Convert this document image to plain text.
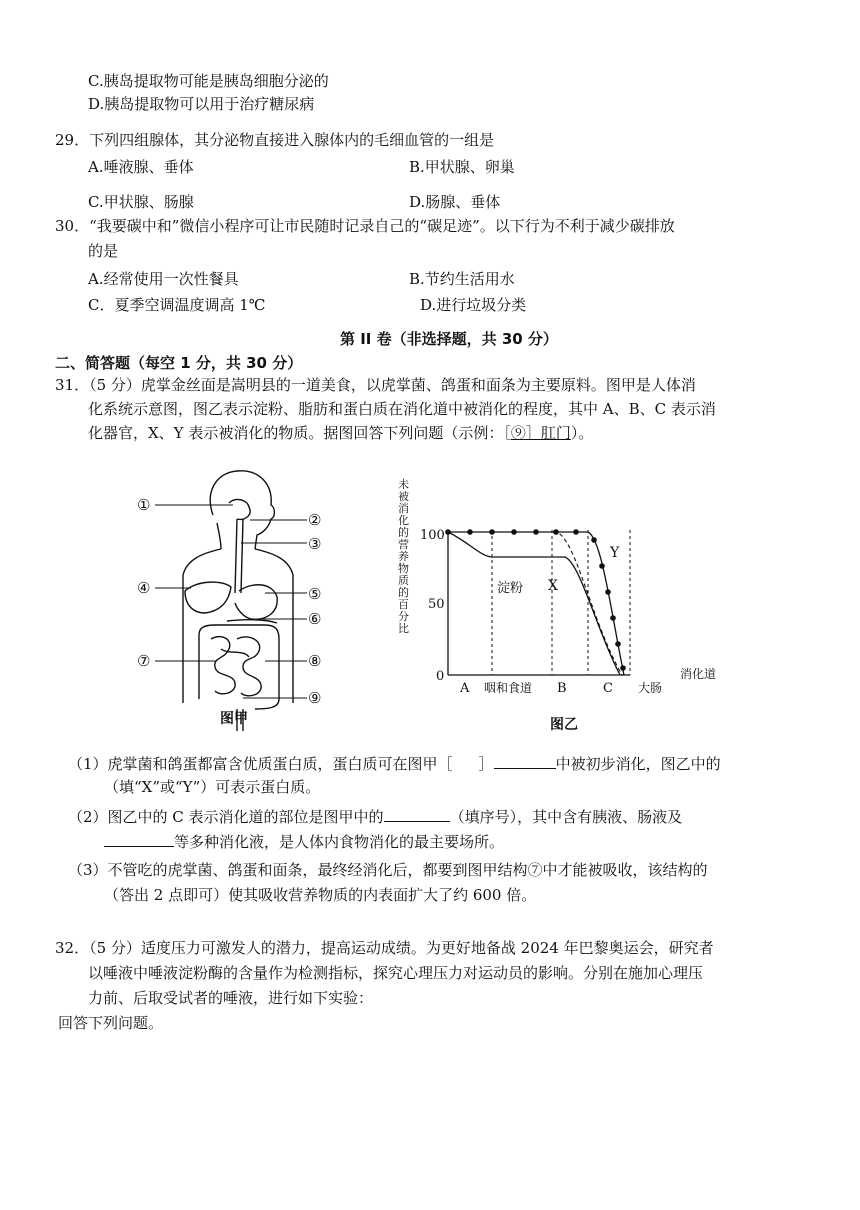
C.胰岛提取物可能是胰岛细胞分泌的
D.胰岛提取物可以用于治疗糖尿病
29．下列四组腺体，其分泌物直接进入腺体内的毛细血管的一组是
A.唾液腺、垂体	B.甲状腺、卵巢
C.甲状腺、肠腺	D.肠腺、垂体
30．“我要碳中和”微信小程序可让市民随时记录自己的“碳足迹”。以下行为不利于减少碳排放
的是
A.经常使用一次性餐具	B.节约生活用水
C．夏季空调温度调高 1℃	D.进行垃圾分类
第 II 卷（非选择题，共 30 分）
二、简答题（每空 1 分，共 30 分）
31．（5 分）虎掌金丝面是嵩明县的一道美食，以虎掌菌、鸽蛋和面条为主要原料。图甲是人体消
化系统示意图，图乙表示淀粉、脂肪和蛋白质在消化道中被消化的程度，其中 A、B、C 表示消
化器官，X、Y 表示被消化的物质。据图回答下列问题（示例：［⑨］肛门）。
①
②
③
④	⑤
⑥
⑦	⑧
⑨
图甲
未
被
消
化
的
营
养
物
质
的
百
分
比
100
50
0
淀粉 X
Y
A 咽和食道 B	C 大肠
消化道
图乙
（1）虎掌菌和鸽蛋都富含优质蛋白质，蛋白质可在图甲［ ］	中被初步消化，图乙中的
（填“X”或“Y”）可表示蛋白质。
（2）图乙中的 C 表示消化道的部位是图甲中的	（填序号），其中含有胰液、肠液及
等多种消化液，是人体内食物消化的最主要场所。
（3）不管吃的虎掌菌、鸽蛋和面条，最终经消化后，都要到图甲结构⑦中才能被吸收，该结构的
（答出 2 点即可）使其吸收营养物质的内表面扩大了约 600 倍。
32．（5 分）适度压力可激发人的潜力，提高运动成绩。为更好地备战 2024 年巴黎奥运会，研究者
以唾液中唾液淀粉酶的含量作为检测指标，探究心理压力对运动员的影响。分别在施加心理压
力前、后取受试者的唾液，进行如下实验：
回答下列问题。
